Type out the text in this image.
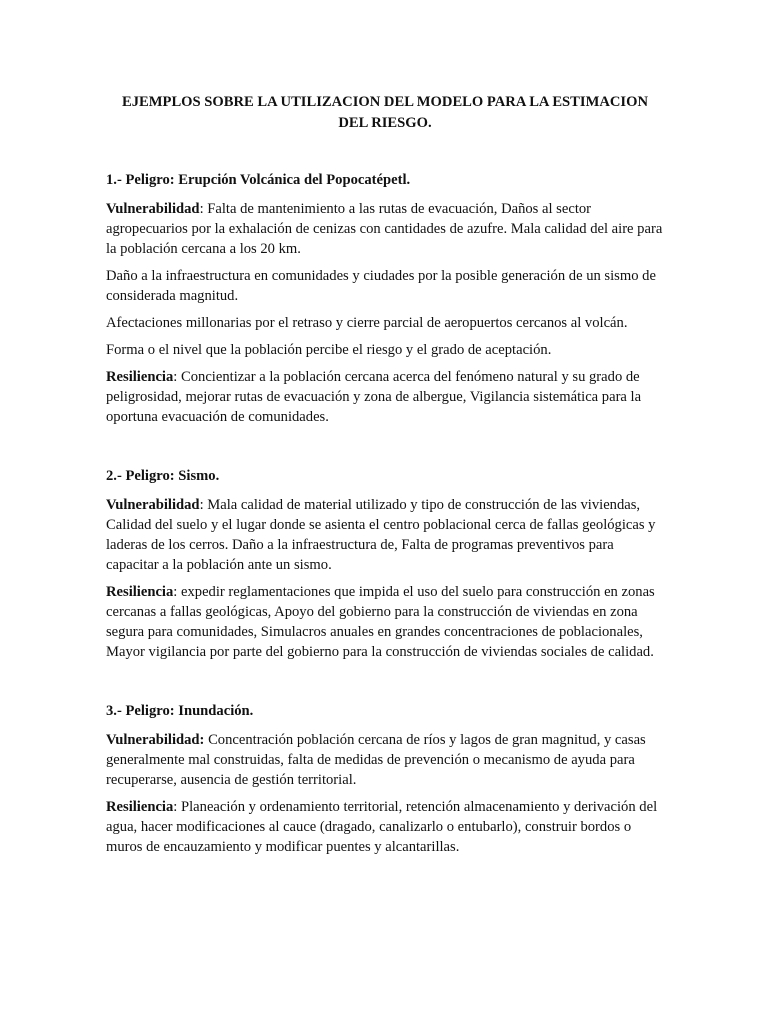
EJEMPLOS SOBRE LA UTILIZACION DEL MODELO PARA LA ESTIMACION DEL RIESGO.

1.- Peligro: Erupción Volcánica del Popocatépetl.

Vulnerabilidad: Falta de mantenimiento a las rutas de evacuación, Daños al sector agropecuarios por la exhalación de cenizas con cantidades de azufre. Mala calidad del aire para la población cercana a los 20 km.

Daño a la infraestructura en comunidades y ciudades por la posible generación de un sismo de considerada magnitud.

Afectaciones millonarias por el retraso y cierre parcial de aeropuertos cercanos al volcán.

Forma o el nivel que la población percibe el riesgo y el grado de aceptación.

Resiliencia: Concientizar a la población cercana acerca del fenómeno natural y su grado de peligrosidad, mejorar rutas de evacuación y zona de albergue, Vigilancia sistemática para la oportuna evacuación de comunidades.

2.- Peligro: Sismo.

Vulnerabilidad: Mala calidad de material utilizado y tipo de construcción de las viviendas, Calidad del suelo y el lugar donde se asienta el centro poblacional cerca de fallas geológicas y laderas de los cerros. Daño a la infraestructura de, Falta de programas preventivos para capacitar a la población ante un sismo.

Resiliencia: expedir reglamentaciones que impida el uso del suelo para construcción en zonas cercanas a fallas geológicas, Apoyo del gobierno para la construcción de viviendas en zona segura para comunidades, Simulacros anuales en grandes concentraciones de poblacionales, Mayor vigilancia por parte del gobierno para la construcción de viviendas sociales de calidad.

3.- Peligro: Inundación.

Vulnerabilidad: Concentración población cercana de ríos y lagos de gran magnitud, y casas generalmente mal construidas, falta de medidas de prevención o mecanismo de ayuda para recuperarse, ausencia de gestión territorial.

Resiliencia: Planeación y ordenamiento territorial, retención almacenamiento y derivación del agua, hacer modificaciones al cauce (dragado, canalizarlo o entubarlo), construir bordos o muros de encauzamiento y modificar puentes y alcantarillas.
